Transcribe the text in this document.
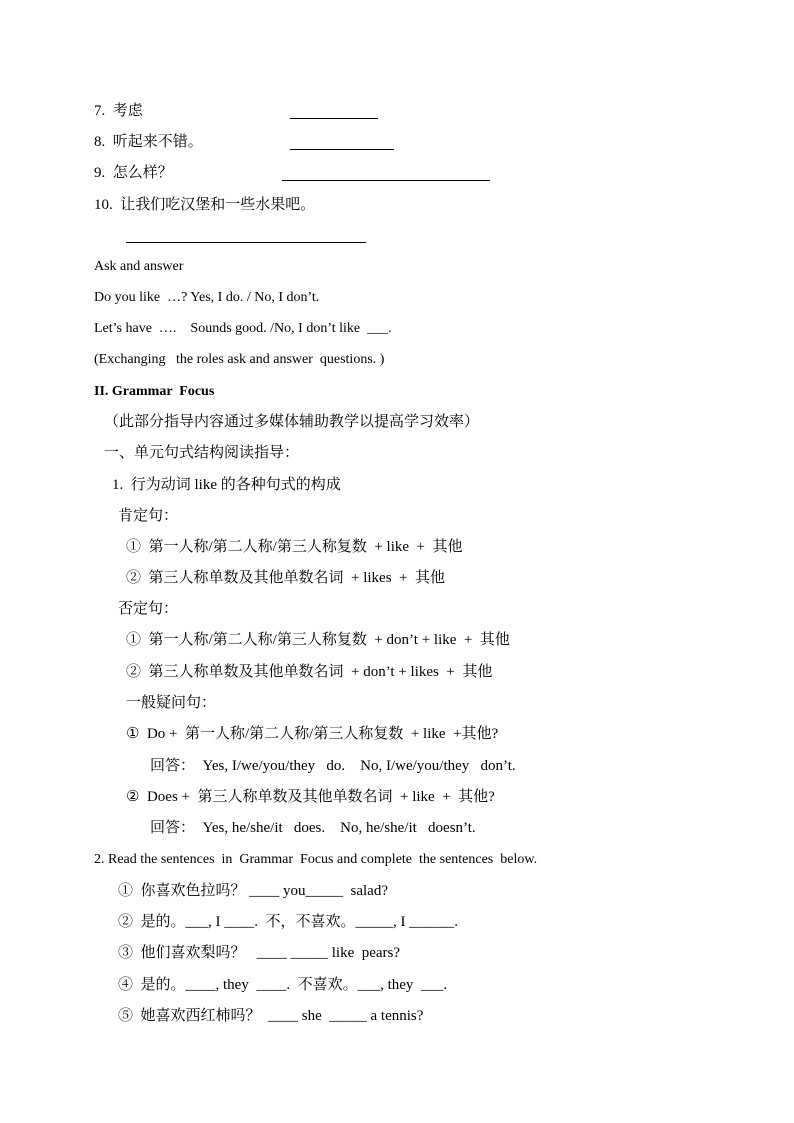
7.  考虑
8.  听起来不错。
9.  怎么样？
10.  让我们吃汉堡和一些水果吧。
Ask and answer
Do you like  …? Yes, I do. / No, I don’t.
Let’s have  ….    Sounds good. /No, I don’t like  ___.
(Exchanging   the roles ask and answer  questions. )
II. Grammar  Focus
（此部分指导内容通过多媒体辅助教学以提高学习效率）
一、单元句式结构阅读指导：
1.  行为动词 like 的各种句式的构成
肯定句：
①  第一人称/第二人称/第三人称复数  + like  +  其他
②  第三人称单数及其他单数名词  + likes  +  其他
否定句：
①  第一人称/第二人称/第三人称复数  + don’t + like  +  其他
②  第三人称单数及其他单数名词  + don’t + likes  +  其他
一般疑问句：
①  Do +  第一人称/第二人称/第三人称复数  + like  +其他?
回答：  Yes, I/we/you/they   do.    No, I/we/you/they   don’t.
②  Does +  第三人称单数及其他单数名词  + like  +  其他?
回答：  Yes, he/she/it   does.    No, he/she/it   doesn’t.
2. Read the sentences  in  Grammar  Focus and complete  the sentences  below.
①  你喜欢色拉吗？ ____ you_____  salad?
②  是的。___, I ____.  不，不喜欢。_____, I ______.
③  他们喜欢梨吗？   ____ _____ like  pears?
④  是的。____, they  ____.  不喜欢。___, they  ___.
⑤  她喜欢西红柿吗？  ____ she  _____ a tennis?
